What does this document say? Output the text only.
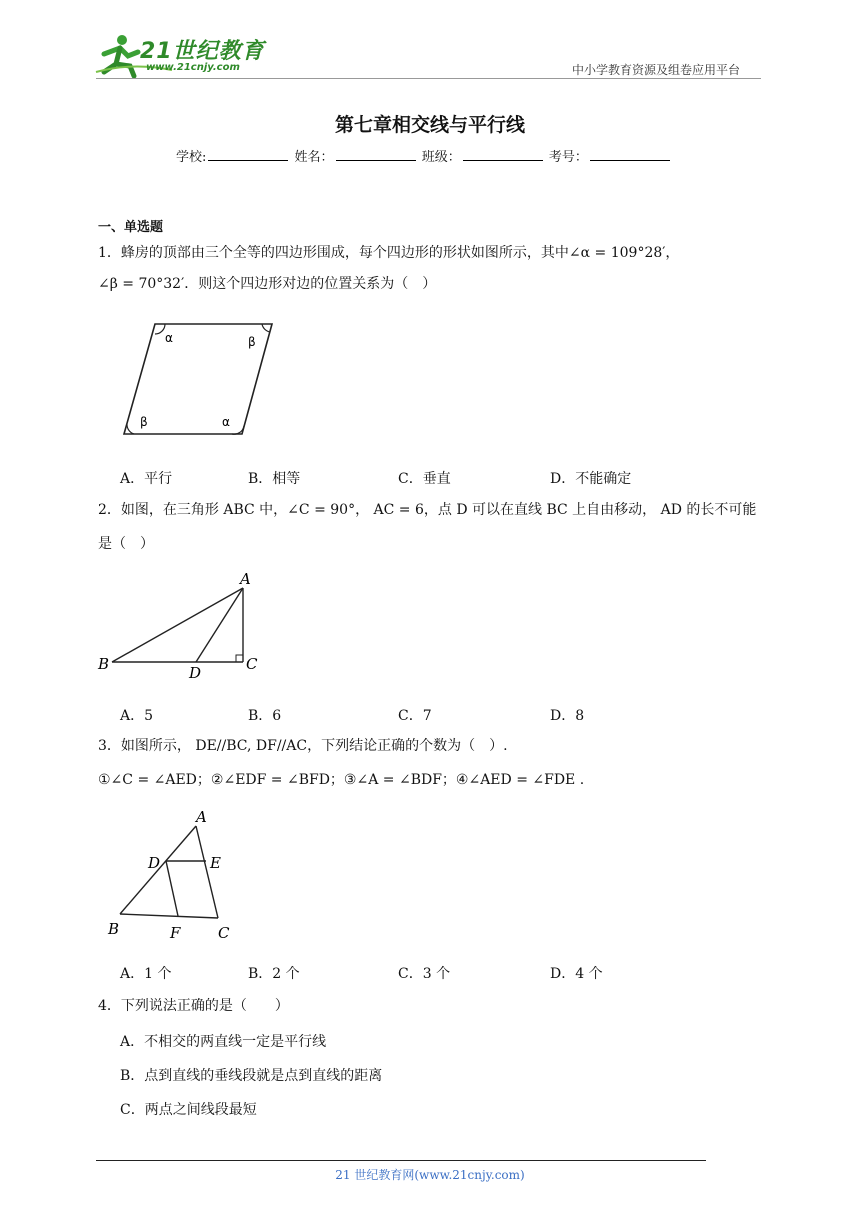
21世纪教育
www.21cnjy.com	中小学教育资源及组卷应用平台
第七章相交线与平行线
学校:	姓名：	班级：	考号：
一、单选题
1．蜂房的顶部由三个全等的四边形围成，每个四边形的形状如图所示，其中∠α = 109°28′，
∠β = 70°32′．则这个四边形对边的位置关系为（　）
α	β
β	α
A．平行	B．相等	C．垂直	D．不能确定
2．如图，在三角形 ABC 中，∠C = 90°， AC = 6，点 D 可以在直线 BC 上自由移动， AD 的长不可能
是（　）
A
B	D	C
A．5	B．6	C．7	D．8
3．如图所示， DE//BC, DF//AC，下列结论正确的个数为（　）.
①∠C = ∠AED；②∠EDF = ∠BFD；③∠A = ∠BDF；④∠AED = ∠FDE .
A
D	E
B	F	C
A．1 个	B．2 个	C．3 个	D．4 个
4．下列说法正确的是（　　）
A．不相交的两直线一定是平行线
B．点到直线的垂线段就是点到直线的距离
C．两点之间线段最短
21 世纪教育网(www.21cnjy.com)
